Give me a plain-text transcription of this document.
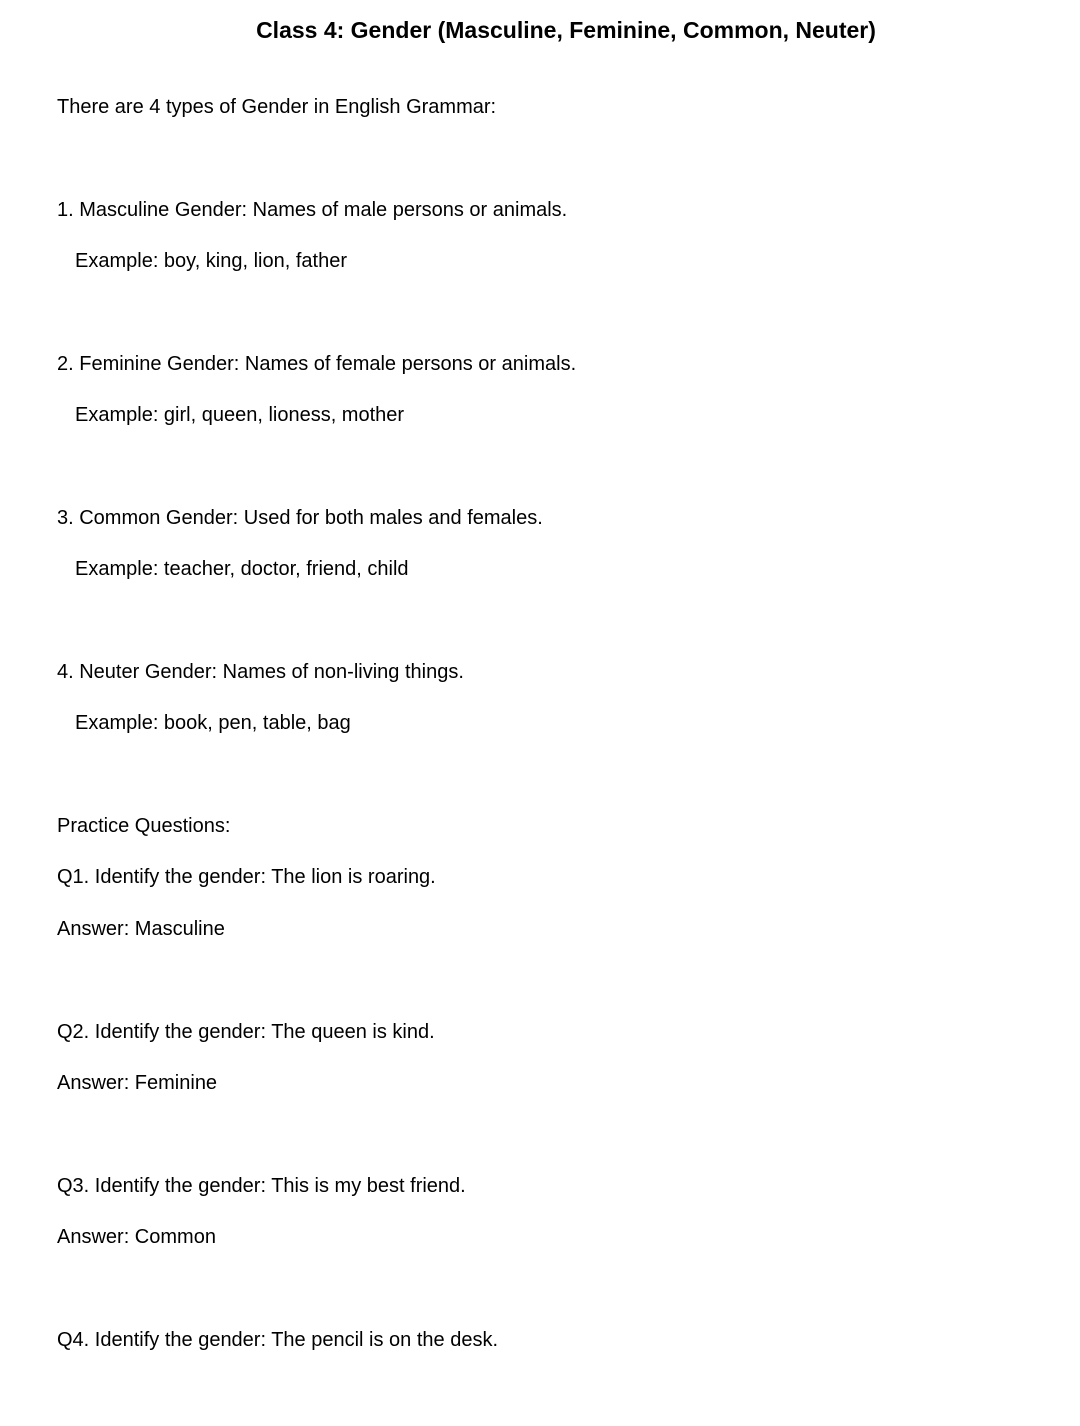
Class 4: Gender (Masculine, Feminine, Common, Neuter)
There are 4 types of Gender in English Grammar:
1. Masculine Gender: Names of male persons or animals.
Example: boy, king, lion, father
2. Feminine Gender: Names of female persons or animals.
Example: girl, queen, lioness, mother
3. Common Gender: Used for both males and females.
Example: teacher, doctor, friend, child
4. Neuter Gender: Names of non-living things.
Example: book, pen, table, bag
Practice Questions:
Q1. Identify the gender: The lion is roaring.
Answer: Masculine
Q2. Identify the gender: The queen is kind.
Answer: Feminine
Q3. Identify the gender: This is my best friend.
Answer: Common
Q4. Identify the gender: The pencil is on the desk.
